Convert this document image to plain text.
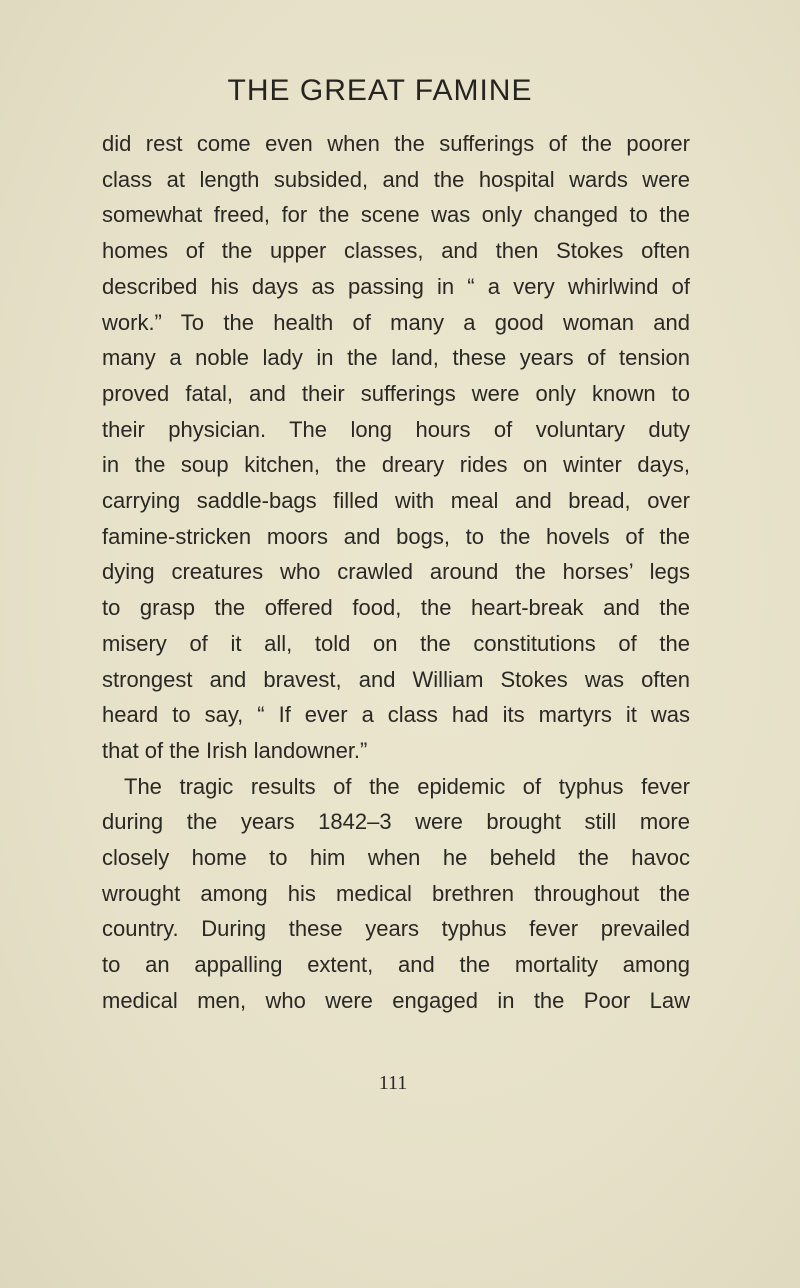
THE GREAT FAMINE
did rest come even when the sufferings of the poorer
class at length subsided, and the hospital wards were
somewhat freed, for the scene was only changed to the
homes of the upper classes, and then Stokes often
described his days as passing in “ a very whirlwind of
work.” To the health of many a good woman and
many a noble lady in the land, these years of tension
proved fatal, and their sufferings were only known to
their physician. The long hours of voluntary duty
in the soup kitchen, the dreary rides on winter days,
carrying saddle-bags filled with meal and bread, over
famine-stricken moors and bogs, to the hovels of the
dying creatures who crawled around the horses’ legs
to grasp the offered food, the heart-break and the
misery of it all, told on the constitutions of the
strongest and bravest, and William Stokes was often
heard to say, “ If ever a class had its martyrs it was
that of the Irish landowner.”
The tragic results of the epidemic of typhus fever
during the years 1842–3 were brought still more
closely home to him when he beheld the havoc
wrought among his medical brethren throughout the
country. During these years typhus fever prevailed
to an appalling extent, and the mortality among
medical men, who were engaged in the Poor Law
111
